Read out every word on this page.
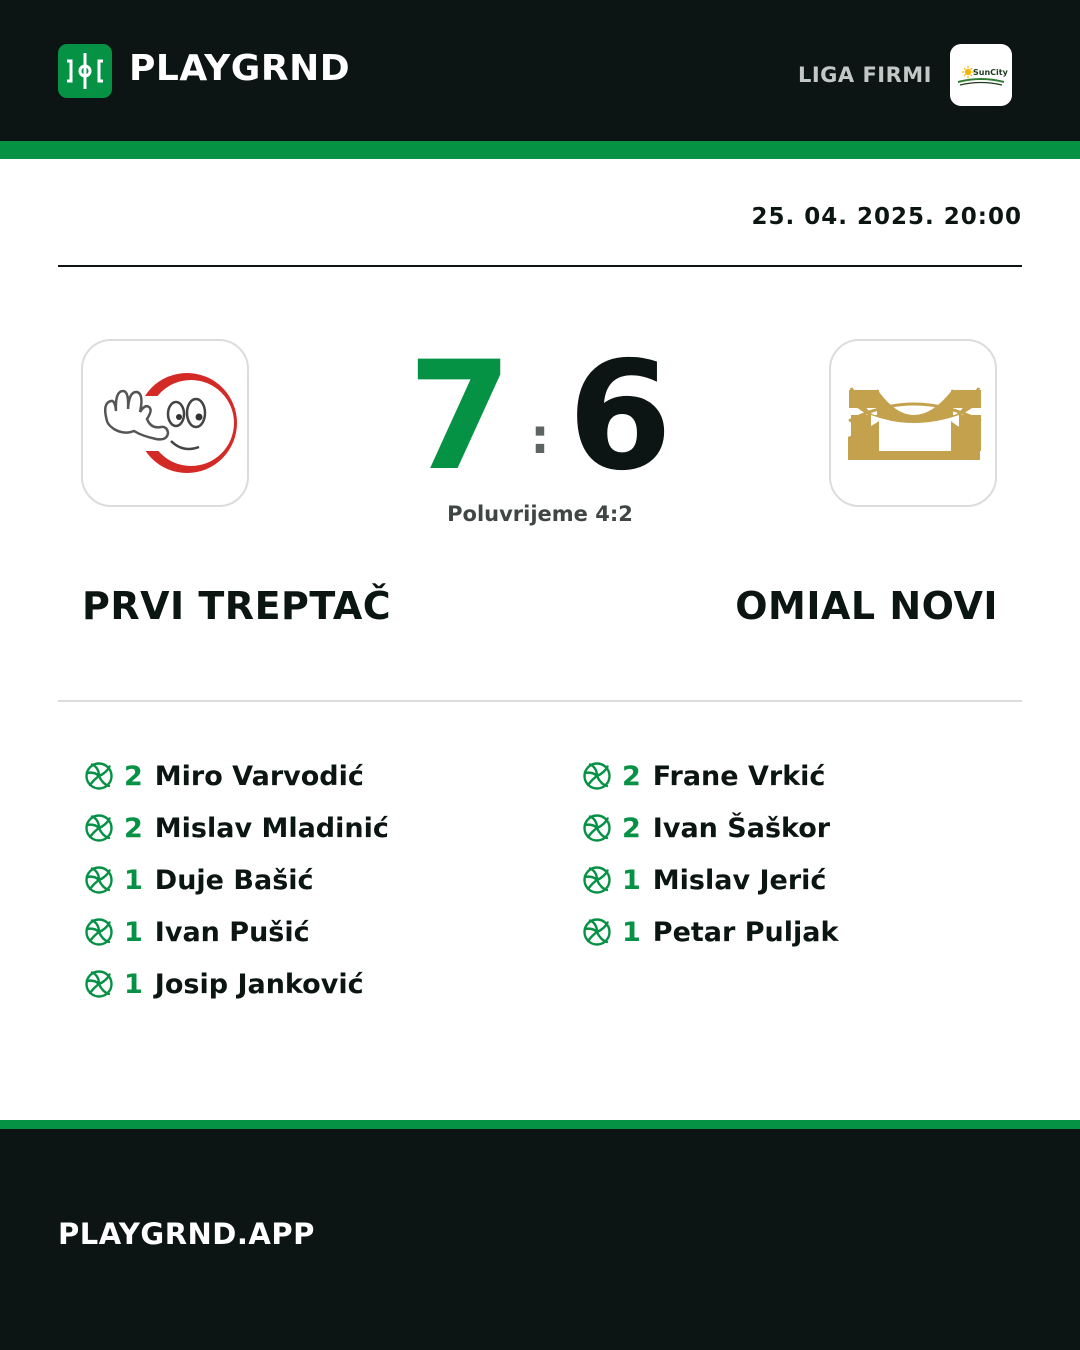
PLAYGRND	LIGA FIRMI	SunCity
25. 04. 2025. 20:00
7 : 6
Poluvrijeme 4:2
PRVI TREPTAČ	OMIAL NOVI
2 Miro Varvodić
2 Mislav Mladinić
1 Duje Bašić
1 Ivan Pušić
1 Josip Janković
2 Frane Vrkić
2 Ivan Šaškor
1 Mislav Jerić
1 Petar Puljak
PLAYGRND.APP
